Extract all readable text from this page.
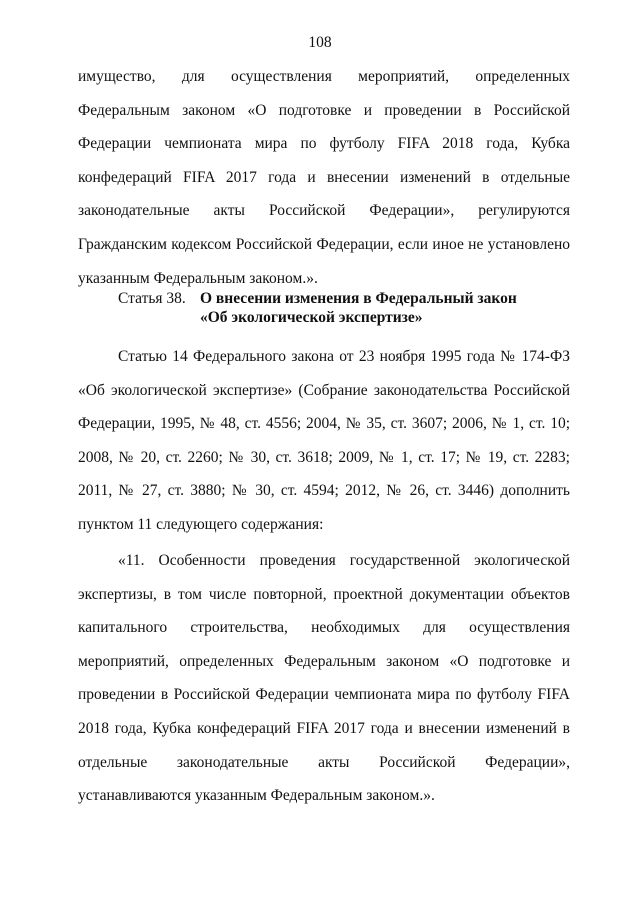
108

имущество, для осуществления мероприятий, определенных Федеральным законом «О подготовке и проведении в Российской Федерации чемпионата мира по футболу FIFA 2018 года, Кубка конфедераций FIFA 2017 года и внесении изменений в отдельные законодательные акты Российской Федерации», регулируются Гражданским кодексом Российской Федерации, если иное не установлено указанным Федеральным законом.».

Статья 38. О внесении изменения в Федеральный закон
«Об экологической экспертизе»

Статью 14 Федерального закона от 23 ноября 1995 года № 174-ФЗ «Об экологической экспертизе» (Собрание законодательства Российской Федерации, 1995, № 48, ст. 4556; 2004, № 35, ст. 3607; 2006, № 1, ст. 10; 2008, № 20, ст. 2260; № 30, ст. 3618; 2009, № 1, ст. 17; № 19, ст. 2283; 2011, № 27, ст. 3880; № 30, ст. 4594; 2012, № 26, ст. 3446) дополнить пунктом 11 следующего содержания:

«11. Особенности проведения государственной экологической экспертизы, в том числе повторной, проектной документации объектов капитального строительства, необходимых для осуществления мероприятий, определенных Федеральным законом «О подготовке и проведении в Российской Федерации чемпионата мира по футболу FIFA 2018 года, Кубка конфедераций FIFA 2017 года и внесении изменений в отдельные законодательные акты Российской Федерации», устанавливаются указанным Федеральным законом.».
